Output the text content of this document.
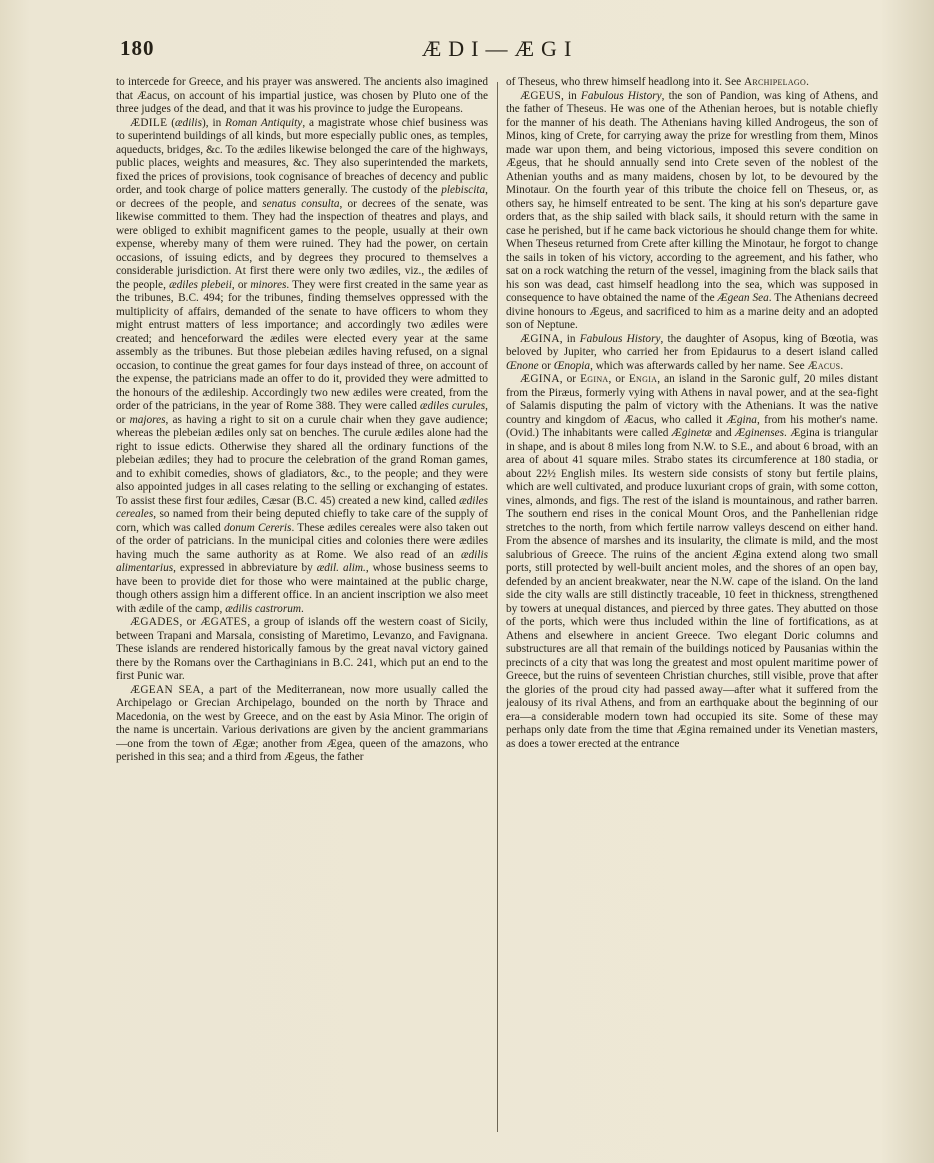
180	ÆDI—ÆGI

to intercede for Greece, and his prayer was answered. The ancients also imagined that Æacus, on account of his impartial justice, was chosen by Pluto one of the three judges of the dead, and that it was his province to judge the Europeans.

ÆDILE (ædilis), in Roman Antiquity, a magistrate whose chief business was to superintend buildings of all kinds, but more especially public ones, as temples, aqueducts, bridges, &c. To the ædiles likewise belonged the care of the highways, public places, weights and measures, &c. They also superintended the markets, fixed the prices of provisions, took cognisance of breaches of decency and public order, and took charge of police matters generally. The custody of the plebiscita, or decrees of the people, and senatus consulta, or decrees of the senate, was likewise committed to them. They had the inspection of theatres and plays, and were obliged to exhibit magnificent games to the people, usually at their own expense, whereby many of them were ruined. They had the power, on certain occasions, of issuing edicts, and by degrees they procured to themselves a considerable jurisdiction. At first there were only two ædiles, viz., the ædiles of the people, ædiles plebeii, or minores. They were first created in the same year as the tribunes, B.C. 494; for the tribunes, finding themselves oppressed with the multiplicity of affairs, demanded of the senate to have officers to whom they might entrust matters of less importance; and accordingly two ædiles were created; and henceforward the ædiles were elected every year at the same assembly as the tribunes. But those plebeian ædiles having refused, on a signal occasion, to continue the great games for four days instead of three, on account of the expense, the patricians made an offer to do it, provided they were admitted to the honours of the ædileship. Accordingly two new ædiles were created, from the order of the patricians, in the year of Rome 388. They were called ædiles curules, or majores, as having a right to sit on a curule chair when they gave audience; whereas the plebeian ædiles only sat on benches. The curule ædiles alone had the right to issue edicts. Otherwise they shared all the ordinary functions of the plebeian ædiles; they had to procure the celebration of the grand Roman games, and to exhibit comedies, shows of gladiators, &c., to the people; and they were also appointed judges in all cases relating to the selling or exchanging of estates. To assist these first four ædiles, Cæsar (B.C. 45) created a new kind, called ædiles cereales, so named from their being deputed chiefly to take care of the supply of corn, which was called donum Cereris. These ædiles cereales were also taken out of the order of patricians. In the municipal cities and colonies there were ædiles having much the same authority as at Rome. We also read of an ædilis alimentarius, expressed in abbreviature by ædil. alim., whose business seems to have been to provide diet for those who were maintained at the public charge, though others assign him a different office. In an ancient inscription we also meet with ædile of the camp, ædilis castrorum.

ÆGADES, or ÆGATES, a group of islands off the western coast of Sicily, between Trapani and Marsala, consisting of Maretimo, Levanzo, and Favignana. These islands are rendered historically famous by the great naval victory gained there by the Romans over the Carthaginians in B.C. 241, which put an end to the first Punic war.

ÆGEAN SEA, a part of the Mediterranean, now more usually called the Archipelago or Grecian Archipelago, bounded on the north by Thrace and Macedonia, on the west by Greece, and on the east by Asia Minor. The origin of the name is uncertain. Various derivations are given by the ancient grammarians—one from the town of Ægæ; another from Ægea, queen of the amazons, who perished in this sea; and a third from Ægeus, the father

of Theseus, who threw himself headlong into it. See Archipelago.

ÆGEUS, in Fabulous History, the son of Pandion, was king of Athens, and the father of Theseus. He was one of the Athenian heroes, but is notable chiefly for the manner of his death. The Athenians having killed Androgeus, the son of Minos, king of Crete, for carrying away the prize for wrestling from them, Minos made war upon them, and being victorious, imposed this severe condition on Ægeus, that he should annually send into Crete seven of the noblest of the Athenian youths and as many maidens, chosen by lot, to be devoured by the Minotaur. On the fourth year of this tribute the choice fell on Theseus, or, as others say, he himself entreated to be sent. The king at his son's departure gave orders that, as the ship sailed with black sails, it should return with the same in case he perished, but if he came back victorious he should change them for white. When Theseus returned from Crete after killing the Minotaur, he forgot to change the sails in token of his victory, according to the agreement, and his father, who sat on a rock watching the return of the vessel, imagining from the black sails that his son was dead, cast himself headlong into the sea, which was supposed in consequence to have obtained the name of the Ægean Sea. The Athenians decreed divine honours to Ægeus, and sacrificed to him as a marine deity and an adopted son of Neptune.

ÆGINA, in Fabulous History, the daughter of Asopus, king of Bœotia, was beloved by Jupiter, who carried her from Epidaurus to a desert island called Œnone or Œnopia, which was afterwards called by her name. See Æacus.

ÆGINA, or Egina, or Engia, an island in the Saronic gulf, 20 miles distant from the Piræus, formerly vying with Athens in naval power, and at the sea-fight of Salamis disputing the palm of victory with the Athenians. It was the native country and kingdom of Æacus, who called it Ægina, from his mother's name. (Ovid.) The inhabitants were called Æginetæ and Æginenses. Ægina is triangular in shape, and is about 8 miles long from N.W. to S.E., and about 6 broad, with an area of about 41 square miles. Strabo states its circumference at 180 stadia, or about 22½ English miles. Its western side consists of stony but fertile plains, which are well cultivated, and produce luxuriant crops of grain, with some cotton, vines, almonds, and figs. The rest of the island is mountainous, and rather barren. The southern end rises in the conical Mount Oros, and the Panhellenian ridge stretches to the north, from which fertile narrow valleys descend on either hand. From the absence of marshes and its insularity, the climate is mild, and the most salubrious of Greece. The ruins of the ancient Ægina extend along two small ports, still protected by well-built ancient moles, and the shores of an open bay, defended by an ancient breakwater, near the N.W. cape of the island. On the land side the city walls are still distinctly traceable, 10 feet in thickness, strengthened by towers at unequal distances, and pierced by three gates. They abutted on those of the ports, which were thus included within the line of fortifications, as at Athens and elsewhere in ancient Greece. Two elegant Doric columns and substructures are all that remain of the buildings noticed by Pausanias within the precincts of a city that was long the greatest and most opulent maritime power of Greece, but the ruins of seventeen Christian churches, still visible, prove that after the glories of the proud city had passed away—after what it suffered from the jealousy of its rival Athens, and from an earthquake about the beginning of our era—a considerable modern town had occupied its site. Some of these may perhaps only date from the time that Ægina remained under its Venetian masters, as does a tower erected at the entrance
